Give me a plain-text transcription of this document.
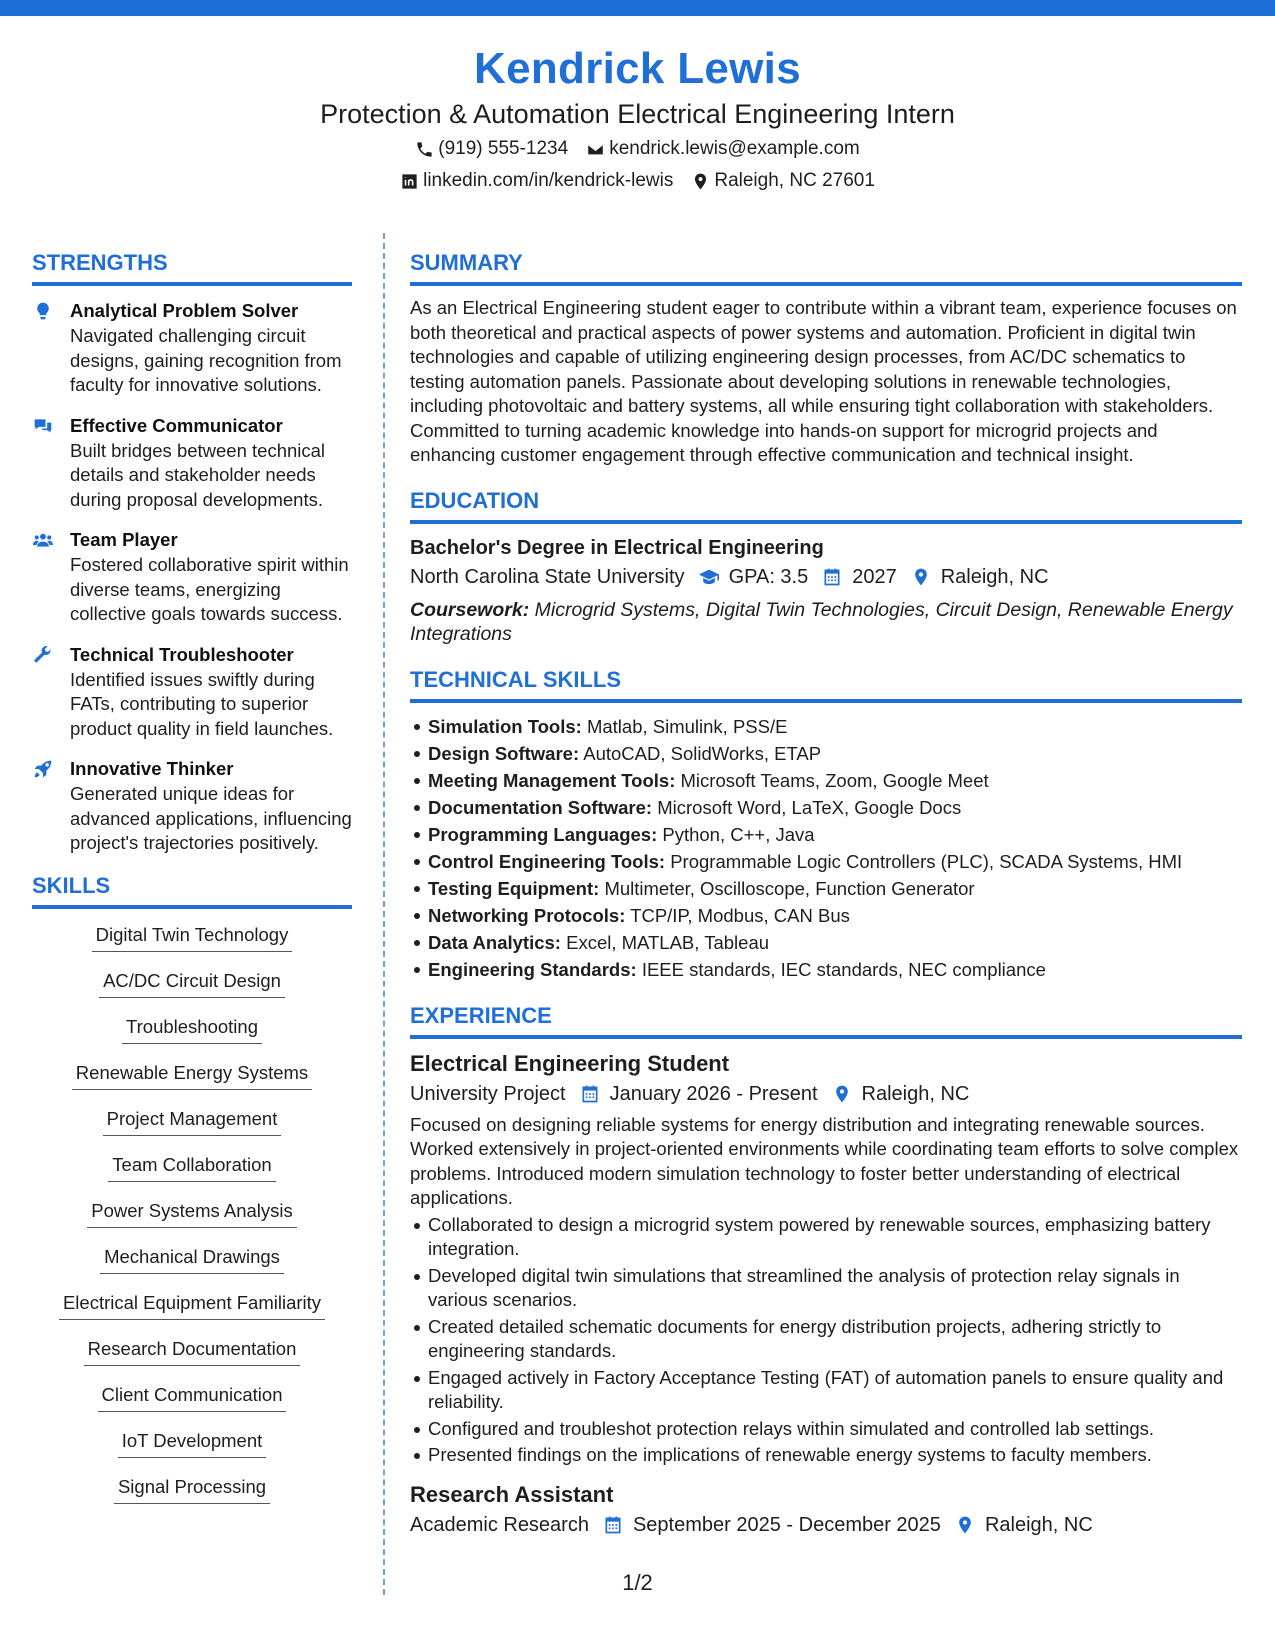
Kendrick Lewis
Protection & Automation Electrical Engineering Intern
(919) 555-1234 kendrick.lewis@example.com
linkedin.com/in/kendrick-lewis Raleigh, NC 27601
STRENGTHS
Analytical Problem Solver
Navigated challenging circuit designs, gaining recognition from faculty for innovative solutions.
Effective Communicator
Built bridges between technical details and stakeholder needs during proposal developments.
Team Player
Fostered collaborative spirit within diverse teams, energizing collective goals towards success.
Technical Troubleshooter
Identified issues swiftly during FATs, contributing to superior product quality in field launches.
Innovative Thinker
Generated unique ideas for advanced applications, influencing project's trajectories positively.
SKILLS
Digital Twin Technology
AC/DC Circuit Design
Troubleshooting
Renewable Energy Systems
Project Management
Team Collaboration
Power Systems Analysis
Mechanical Drawings
Electrical Equipment Familiarity
Research Documentation
Client Communication
IoT Development
Signal Processing
SUMMARY

As an Electrical Engineering student eager to contribute within a vibrant team, experience focuses on both theoretical and practical aspects of power systems and automation. Proficient in digital twin technologies and capable of utilizing engineering design processes, from AC/DC schematics to testing automation panels. Passionate about developing solutions in renewable technologies, including photovoltaic and battery systems, all while ensuring tight collaboration with stakeholders. Committed to turning academic knowledge into hands-on support for microgrid projects and enhancing customer engagement through effective communication and technical insight.

EDUCATION
Bachelor's Degree in Electrical Engineering
North Carolina State University GPA: 3.5 2027 Raleigh, NC
Coursework: Microgrid Systems, Digital Twin Technologies, Circuit Design, Renewable Energy Integrations
TECHNICAL SKILLS
Simulation Tools: Matlab, Simulink, PSS/E
Design Software: AutoCAD, SolidWorks, ETAP
Meeting Management Tools: Microsoft Teams, Zoom, Google Meet
Documentation Software: Microsoft Word, LaTeX, Google Docs
Programming Languages: Python, C++, Java
Control Engineering Tools: Programmable Logic Controllers (PLC), SCADA Systems, HMI
Testing Equipment: Multimeter, Oscilloscope, Function Generator
Networking Protocols: TCP/IP, Modbus, CAN Bus
Data Analytics: Excel, MATLAB, Tableau
Engineering Standards: IEEE standards, IEC standards, NEC compliance
EXPERIENCE
Electrical Engineering Student
University Project January 2026 - Present Raleigh, NC

Focused on designing reliable systems for energy distribution and integrating renewable sources. Worked extensively in project-oriented environments while coordinating team efforts to solve complex problems. Introduced modern simulation technology to foster better understanding of electrical applications.

Collaborated to design a microgrid system powered by renewable sources, emphasizing battery integration.
Developed digital twin simulations that streamlined the analysis of protection relay signals in various scenarios.
Created detailed schematic documents for energy distribution projects, adhering strictly to engineering standards.
Engaged actively in Factory Acceptance Testing (FAT) of automation panels to ensure quality and reliability.
Configured and troubleshot protection relays within simulated and controlled lab settings.
Presented findings on the implications of renewable energy systems to faculty members.
Research Assistant
Academic Research September 2025 - December 2025 Raleigh, NC
1/2
